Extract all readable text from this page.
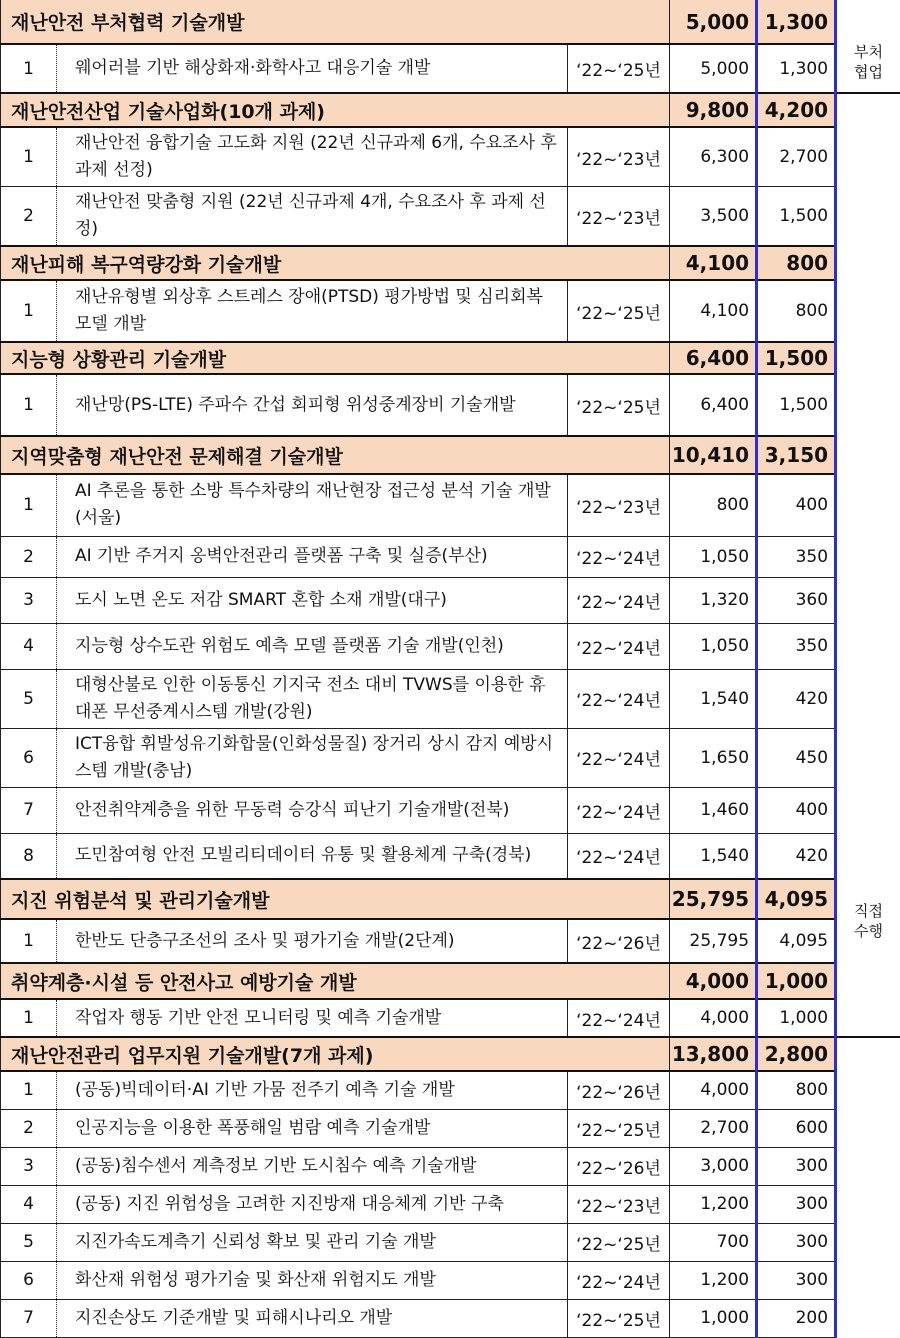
재난안전 부처협력 기술개발			5,000	1,300	부처
협업

1	웨어러블 기반 해상화재·화학사고 대응기술 개발	‘22~‘25년	5,000	1,300	
재난안전산업 기술사업화(10개 과제)			9,800	4,200	직접
수행

1	재난안전 융합기술 고도화 지원 (22년 신규과제 6개, 수요조사 후 과제 선정)	‘22~‘23년	6,300	2,700	
2	재난안전 맞춤형 지원 (22년 신규과제 4개, 수요조사 후 과제 선정)	‘22~‘23년	3,500	1,500	
재난피해 복구역량강화 기술개발			4,100	800	
1	재난유형별 외상후 스트레스 장애(PTSD) 평가방법 및 심리회복모델 개발	‘22~‘25년	4,100	800	
지능형 상황관리 기술개발			6,400	1,500	
1	재난망(PS-LTE) 주파수 간섭 회피형 위성중계장비 기술개발	‘22~‘25년	6,400	1,500	
지역맞춤형 재난안전 문제해결 기술개발			10,410	3,150	
1	AI 추론을 통한 소방 특수차량의 재난현장 접근성 분석 기술 개발(서울)	‘22~‘23년	800	400	
2	AI 기반 주거지 옹벽안전관리 플랫폼 구축 및 실증(부산)	‘22~‘24년	1,050	350	
3	도시 노면 온도 저감 SMART 혼합 소재 개발(대구)	‘22~‘24년	1,320	360	
4	지능형 상수도관 위험도 예측 모델 플랫폼 기술 개발(인천)	‘22~‘24년	1,050	350	
5	대형산불로 인한 이동통신 기지국 전소 대비 TVWS를 이용한 휴대폰 무선중계시스템 개발(강원)	‘22~‘24년	1,540	420	
6	ICT융합 휘발성유기화합물(인화성물질) 장거리 상시 감지 예방시스템 개발(충남)	‘22~‘24년	1,650	450	
7	안전취약계층을 위한 무동력 승강식 피난기 기술개발(전북)	‘22~‘24년	1,460	400	
8	도민참여형 안전 모빌리티데이터 유통 및 활용체계 구축(경북)	‘22~‘24년	1,540	420	
지진 위험분석 및 관리기술개발			25,795	4,095	
1	한반도 단층구조선의 조사 및 평가기술 개발(2단계)	‘22~‘26년	25,795	4,095	
취약계층·시설 등 안전사고 예방기술 개발			4,000	1,000	
1	작업자 행동 기반 안전 모니터링 및 예측 기술개발	‘22~‘24년	4,000	1,000	
재난안전관리 업무지원 기술개발(7개 과제)			13,800	2,800	
1	(공동)빅데이터·AI 기반 가뭄 전주기 예측 기술 개발	‘22~‘26년	4,000	800	
2	인공지능을 이용한 폭풍해일 범람 예측 기술개발	‘22~‘25년	2,700	600	
3	(공동)침수센서 계측정보 기반 도시침수 예측 기술개발	‘22~‘26년	3,000	300	
4	(공동) 지진 위험성을 고려한 지진방재 대응체계 기반 구축	‘22~‘23년	1,200	300	
5	지진가속도계측기 신뢰성 확보 및 관리 기술 개발	‘22~‘25년	700	300	
6	화산재 위험성 평가기술 및 화산재 위험지도 개발	‘22~‘24년	1,200	300	
7	지진손상도 기준개발 및 피해시나리오 개발	‘22~‘25년	1,000	200	
